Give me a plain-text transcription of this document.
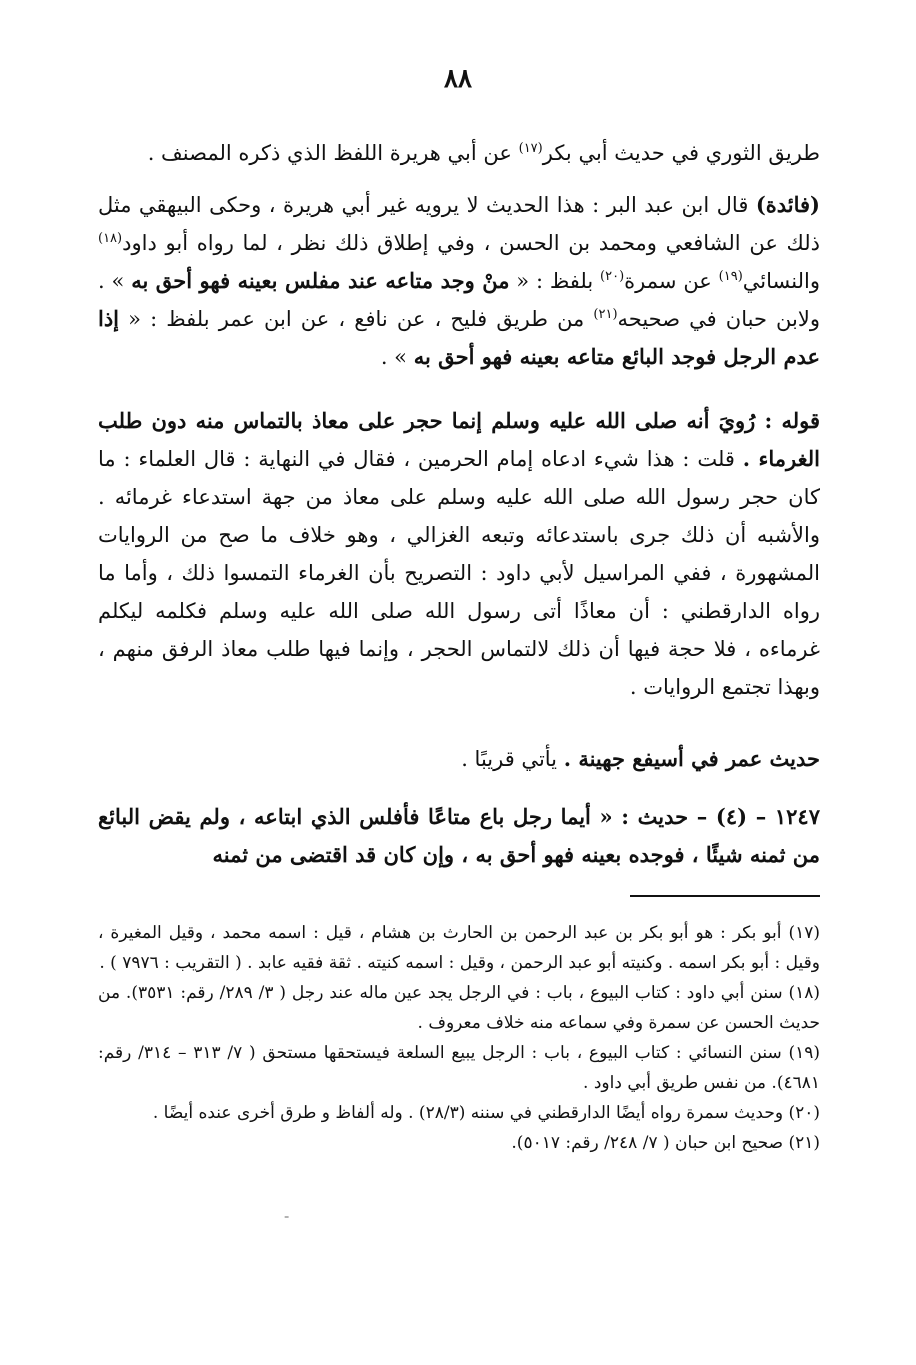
٨٨

طريق الثوري في حديث أبي بكر$^{(١٧)}$ عن أبي هريرة اللفظ الذي ذكره المصنف .

(فائدة) قال ابن عبد البر : هذا الحديث لا يرويه غير أبي هريرة ، وحكى البيهقي مثل ذلك عن الشافعي ومحمد بن الحسن ، وفي إطلاق ذلك نظر ، لما رواه أبو داود$^{(١٨)}$ والنسائي$^{(١٩)}$ عن سمرة$^{(٢٠)}$ بلفظ : « منْ وجد متاعه عند مفلس بعينه فهو أحق به » . ولابن حبان في صحيحه$^{(٢١)}$ من طريق فليح ، عن نافع ، عن ابن عمر بلفظ : « إذا عدم الرجل فوجد البائع متاعه بعينه فهو أحق به » .

قوله : رُويَ أنه صلى الله عليه وسلم إنما حجر على معاذ بالتماس منه دون طلب الغرماء . قلت : هذا شيء ادعاه إمام الحرمين ، فقال في النهاية : قال العلماء : ما كان حجر رسول الله صلى الله عليه وسلم على معاذ من جهة استدعاء غرمائه . والأشبه أن ذلك جرى باستدعائه وتبعه الغزالي ، وهو خلاف ما صح من الروايات المشهورة ، ففي المراسيل لأبي داود : التصريح بأن الغرماء التمسوا ذلك ، وأما ما رواه الدارقطني : أن معاذًا أتى رسول الله صلى الله عليه وسلم فكلمه ليكلم غرماءه ، فلا حجة فيها أن ذلك لالتماس الحجر ، وإنما فيها طلب معاذ الرفق منهم ، وبهذا تجتمع الروايات .

حديث عمر في أسيفع جهينة . يأتي قريبًا .

١٢٤٧ – (٤) – حديث : « أيما رجل باع متاعًا فأفلس الذي ابتاعه ، ولم يقض البائع من ثمنه شيئًا ، فوجده بعينه فهو أحق به ، وإن كان قد اقتضى من ثمنه

(١٧) أبو بكر : هو أبو بكر بن عبد الرحمن بن الحارث بن هشام ، قيل : اسمه محمد ، وقيل المغيرة ، وقيل : أبو بكر اسمه . وكنيته أبو عبد الرحمن ، وقيل : اسمه كنيته . ثقة فقيه عابد . ( التقريب : ٧٩٧٦ ) .

(١٨) سنن أبي داود : كتاب البيوع ، باب : في الرجل يجد عين ماله عند رجل ( ٣/ ٢٨٩/ رقم: ٣٥٣١). من حديث الحسن عن سمرة وفي سماعه منه خلاف معروف .

(١٩) سنن النسائي : كتاب البيوع ، باب : الرجل يبيع السلعة فيستحقها مستحق ( ٧/ ٣١٣ – ٣١٤/ رقم: ٤٦٨١). من نفس طريق أبي داود .

(٢٠) وحديث سمرة رواه أيضًا الدارقطني في سننه (٢٨/٣) . وله ألفاظ و طرق أخرى عنده أيضًا .

(٢١) صحيح ابن حبان ( ٧/ ٢٤٨/ رقم: ٥٠١٧).

⁼
